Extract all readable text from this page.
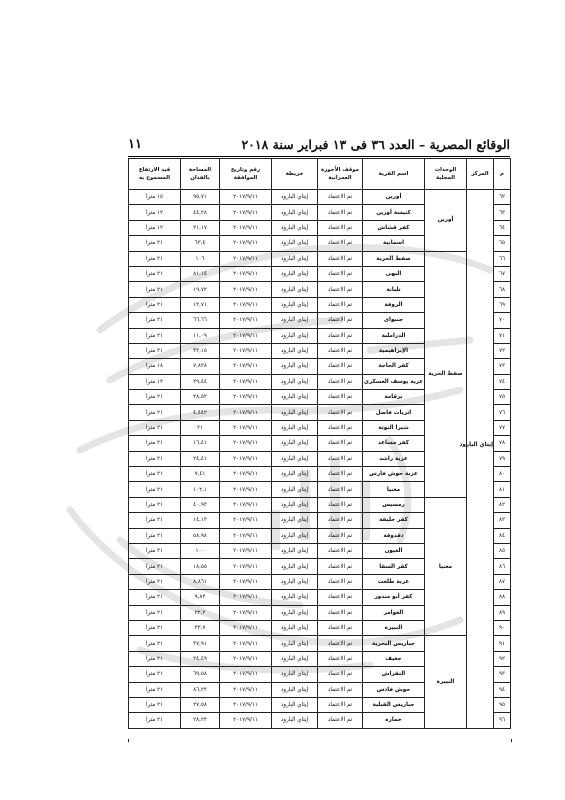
الوقائع المصرية – العدد ٣٦ فى ١٣ فبراير سنة ٢٠١٨
١١
م	المركز	الوحدات المحلية	اسم القرية	موقف الأحوزة العمرانية	خريطة	رقم وتاريخ الموافقة	المساحة بالفدان	قيد الارتفاع المسموح به
٦٢	إيتاي البارود	أورين	أورين	تم الاعتماد	إيتاي البارود	٢٠١٧/٩/١١	٩٥,٧١	١٥ مترا
٦٣			كنيسة أورين	تم الاعتماد	إيتاي البارود	٢٠١٧/٩/١١	٤٤,٢٨	١٢ مترا
٦٤			كفر قشاش	تم الاعتماد	إيتاي البارود	٢٠١٧/٩/١١	٢١,١٧	١٢ مترا
٦٥			اسمانية	تم الاعتماد	إيتاي البارود	٢٠١٧/٩/١١	٦٣,٤	٢١ مترا
٦٦		صفط الحرية	صفط الحرية	تم الاعتماد	إيتاي البارود	٢٠١٧/٩/١١	١٠٦	٢١ مترا
٦٧			البهى	تم الاعتماد	إيتاي البارود	٢٠١٧/٩/١١	٨١,١٤	٢١ مترا
٦٨			تلبانة	تم الاعتماد	إيتاي البارود	٢٠١٧/٩/١١	١٩,٧٢	٢١ مترا
٦٩			الروقة	تم الاعتماد	إيتاي البارود	٢٠١٧/٩/١١	١٣,٧١	٢١ مترا
٧٠			جنبواى	تم الاعتماد	إيتاي البارود	٢٠١٧/٩/١١	٦٦,٦٦	٢١ مترا
٧١			الدراملية	تم الاعتماد	إيتاي البارود	٢٠١٧/٩/١١	١١,٠٩	٢١ مترا
٧٢			الإبراهيمية	تم الاعتماد	إيتاي البارود	٢٠١٧/٩/١١	٣٣,١٥	٢١ مترا
٧٣			كفر الحاجة	تم الاعتماد	إيتاي البارود	٢٠١٧/٩/١١	٧,٨٢٨	١٨ مترا
٧٤			عزبة يوسف العسكرى	تم الاعتماد	إيتاي البارود	٢٠١٧/٩/١١	٢٩,٤٤	١٢ مترا
٧٥			برقامة	تم الاعتماد	إيتاي البارود	٢٠١٧/٩/١١	٢٨,٥٢	٢١ مترا
٧٦			اتريات فاضل	تم الاعتماد	إيتاي البارود	٢٠١٧/٩/١١	٤,٤٤٢	٢١ مترا
٧٧			شبرا النوتة	تم الاعتماد	إيتاي البارود	٢٠١٧/٩/١١	٢١	٢١ مترا
٧٨			كفر مساعد	تم الاعتماد	إيتاي البارود	٢٠١٧/٩/١١	١٦,٤١	٢١ مترا
٧٩			عزبة راشد	تم الاعتماد	إيتاي البارود	٢٠١٧/٩/١١	٢٤,٤١	٢١ مترا
٨٠			عزبة حوش فارس	تم الاعتماد	إيتاي البارود	٢٠١٧/٩/١١	٧,٤١	٢١ مترا
٨١			معنيا	تم الاعتماد	إيتاي البارود	٢٠١٧/٩/١١	١٠٢,١	٢١ مترا
٨٢		معنيا	رمسيس	تم الاعتماد	إيتاي البارود	٢٠١٧/٩/١١	٤٠,٩٣	٢١ مترا
٨٣			كفر خليفة	تم الاعتماد	إيتاي البارود	٢٠١٧/٩/١١	١٤,١٣	٢١ مترا
٨٤			دقدوقة	تم الاعتماد	إيتاي البارود	٢٠١٧/٩/١١	٥٨,٩٨	٢١ مترا
٨٥			العيون	تم الاعتماد	إيتاي البارود	٢٠١٧/٩/١١	١٠٠	٢١ مترا
٨٦			كفر السقا	تم الاعتماد	إيتاي البارود	٢٠١٧/٩/١١	١٨,٥٥	٢١ مترا
٨٧			عزبة طلعت	تم الاعتماد	إيتاي البارود	٢٠١٧/٩/١١	٨,٨٦١	٢١ مترا
٨٨			كفر أبو مندور	تم الاعتماد	إيتاي البارود	٢٠١٧/٩/١١	٩,٨٢	٢١ مترا
٨٩			العوامر	تم الاعتماد	إيتاي البارود	٢٠١٧/٩/١١	٢٢,٢	٢١ مترا
٩٠			النبيرة	تم الاعتماد	إيتاي البارود	٢٠١٧/٩/١١	٣٢,٧	٢١ مترا
٩١		النبيرة	جباريس البحرية	تم الاعتماد	إيتاي البارود	٢٠١٧/٩/١١	٣٧,٩١	٢١ مترا
٩٢			جعيف	تم الاعتماد	إيتاي البارود	٢٠١٧/٩/١١	٢٤,٤٩	٢١ مترا
٩٣			النقراش	تم الاعتماد	إيتاي البارود	٢٠١٧/٩/١١	٦٩,٥٨	٢١ مترا
٩٤			حوش فادس	تم الاعتماد	إيتاي البارود	٢٠١٧/٩/١١	٨٦,٢٣	٢١ مترا
٩٥			جباريس القبلية	تم الاعتماد	إيتاي البارود	٢٠١٧/٩/١١	٢٧,٥٨	٢١ مترا
٩٦			خمارة	تم الاعتماد	إيتاي البارود	٢٠١٧/٩/١١	٢٨,٢٣	٢١ مترا
